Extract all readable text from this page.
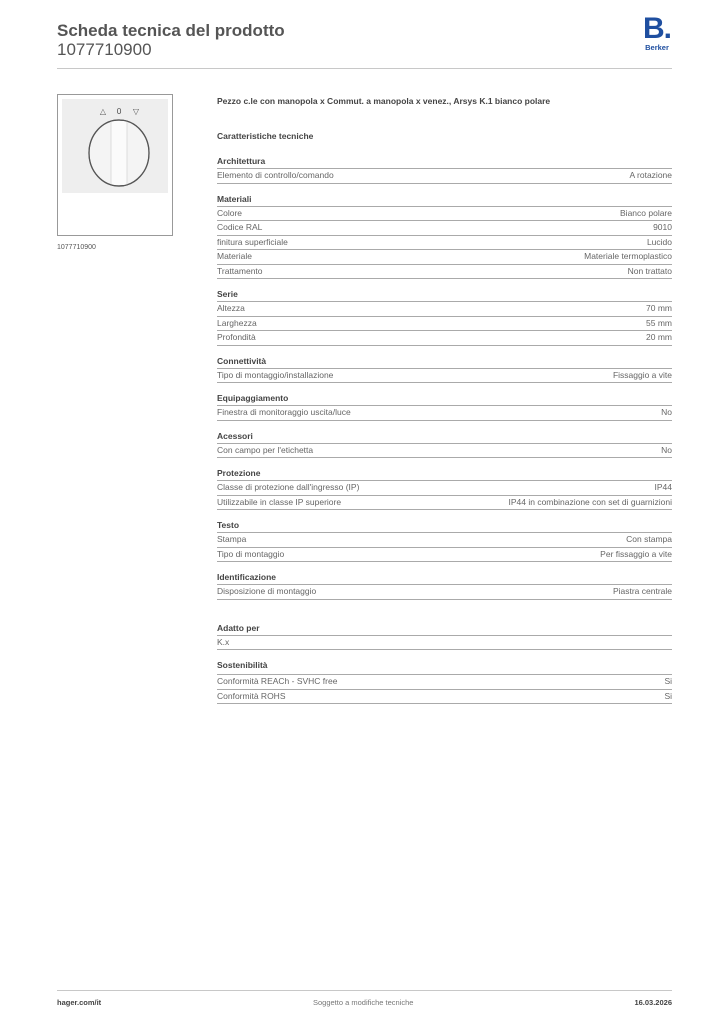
Scheda tecnica del prodotto
1077710900
B.
Berker
△ 0 ▽
1077710900
Pezzo c.le con manopola x Commut. a manopola x venez., Arsys K.1 bianco polare
Caratteristiche tecniche
Architettura
Elemento di controllo/comando	A rotazione
Materiali
Colore	Bianco polare
Codice RAL	9010
finitura superficiale	Lucido
Materiale	Materiale termoplastico
Trattamento	Non trattato
Serie
Altezza	70 mm
Larghezza	55 mm
Profondità	20 mm
Connettività
Tipo di montaggio/installazione	Fissaggio a vite
Equipaggiamento
Finestra di monitoraggio uscita/luce	No
Acessori
Con campo per l'etichetta	No
Protezione
Classe di protezione dall'ingresso (IP)	IP44
Utilizzabile in classe IP superiore	IP44 in combinazione con set di guarnizioni
Testo
Stampa	Con stampa
Tipo di montaggio	Per fissaggio a vite
Identificazione
Disposizione di montaggio	Piastra centrale
Adatto per
K.x
Sostenibilità
Conformità REACh - SVHC free	Si
Conformità ROHS	Si
hager.com/it	Soggetto a modifiche tecniche	16.03.2026
